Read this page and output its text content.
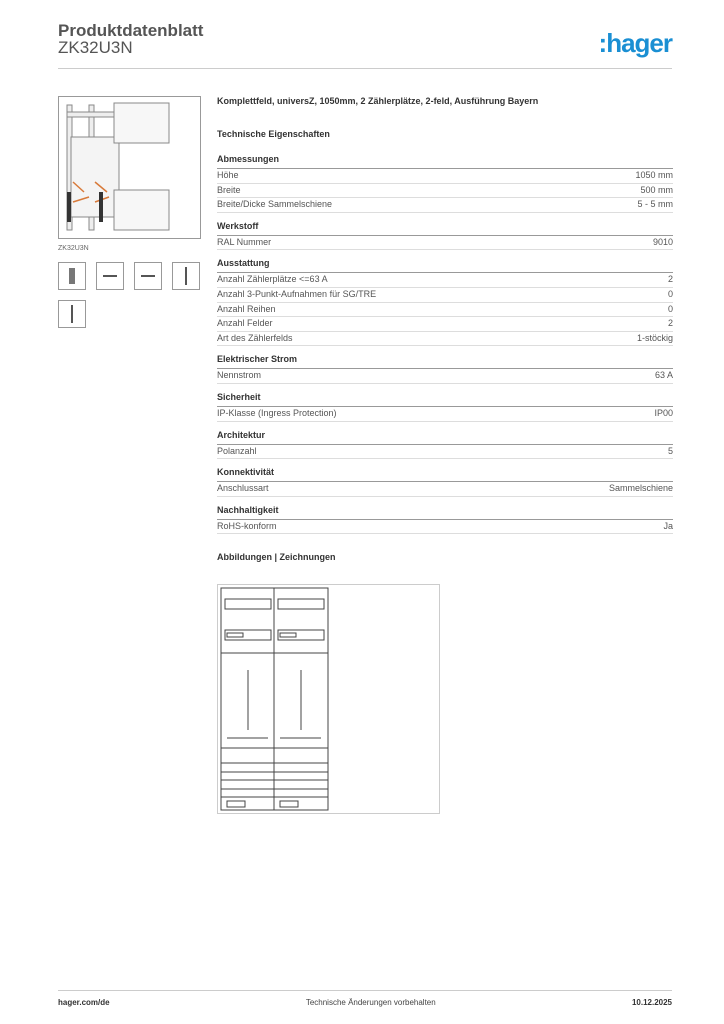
Produktdatenblatt
ZK32U3N	:hager
ZK32U3N
Komplettfeld, universZ, 1050mm, 2 Zählerplätze, 2-feld, Ausführung Bayern
Technische Eigenschaften
Abmessungen
Höhe	1050 mm
Breite	500 mm
Breite/Dicke Sammelschiene	5 - 5 mm
Werkstoff
RAL Nummer	9010
Ausstattung
Anzahl Zählerplätze <=63 A	2
Anzahl 3-Punkt-Aufnahmen für SG/TRE	0
Anzahl Reihen	0
Anzahl Felder	2
Art des Zählerfelds	1-stöckig
Elektrischer Strom
Nennstrom	63 A
Sicherheit
IP-Klasse (Ingress Protection)	IP00
Architektur
Polanzahl	5
Konnektivität
Anschlussart	Sammelschiene
Nachhaltigkeit
RoHS-konform	Ja
Abbildungen | Zeichnungen
hager.com/de	Technische Änderungen vorbehalten	10.12.2025
